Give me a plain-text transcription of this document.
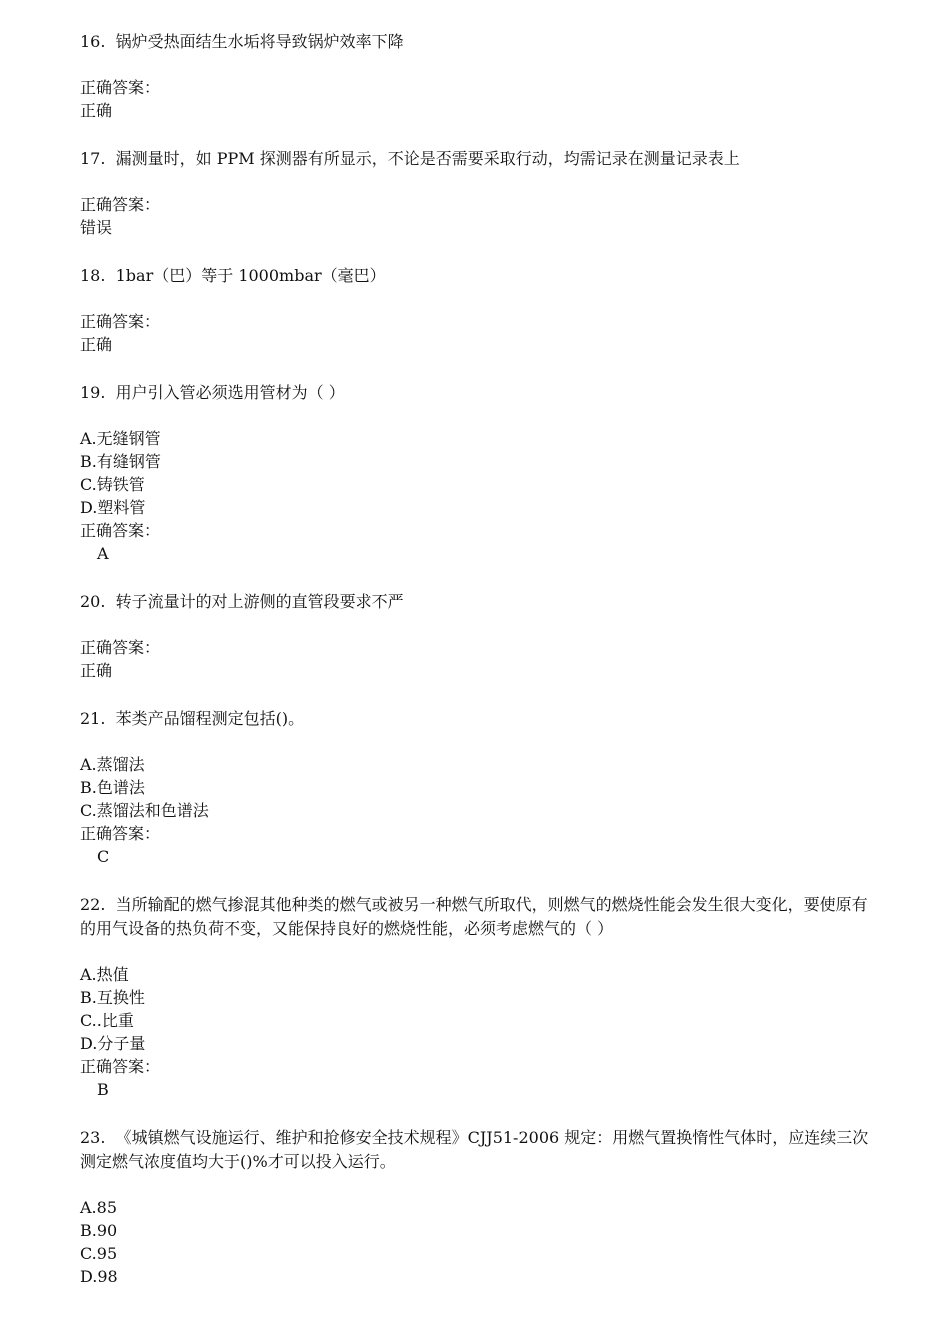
16. 锅炉受热面结生水垢将导致锅炉效率下降
正确答案：
正确
17. 漏测量时，如 PPM 探测器有所显示，不论是否需要采取行动，均需记录在测量记录表上
正确答案：
错误
18. 1bar（巴）等于 1000mbar（毫巴）
正确答案：
正确
19. 用户引入管必须选用管材为（ ）
A.无缝钢管
B.有缝钢管
C.铸铁管
D.塑料管
正确答案：
A
20. 转子流量计的对上游侧的直管段要求不严
正确答案：
正确
21. 苯类产品馏程测定包括()。
A.蒸馏法
B.色谱法
C.蒸馏法和色谱法
正确答案：
C
22. 当所输配的燃气掺混其他种类的燃气或被另一种燃气所取代，则燃气的燃烧性能会发生很大变化，要使原有的用气设备的热负荷不变，又能保持良好的燃烧性能，必须考虑燃气的（ ）
A.热值
B.互换性
C..比重
D.分子量
正确答案：
B
23. 《城镇燃气设施运行、维护和抢修安全技术规程》CJJ51-2006 规定：用燃气置换惰性气体时，应连续三次测定燃气浓度值均大于()%才可以投入运行。
A.85
B.90
C.95
D.98
